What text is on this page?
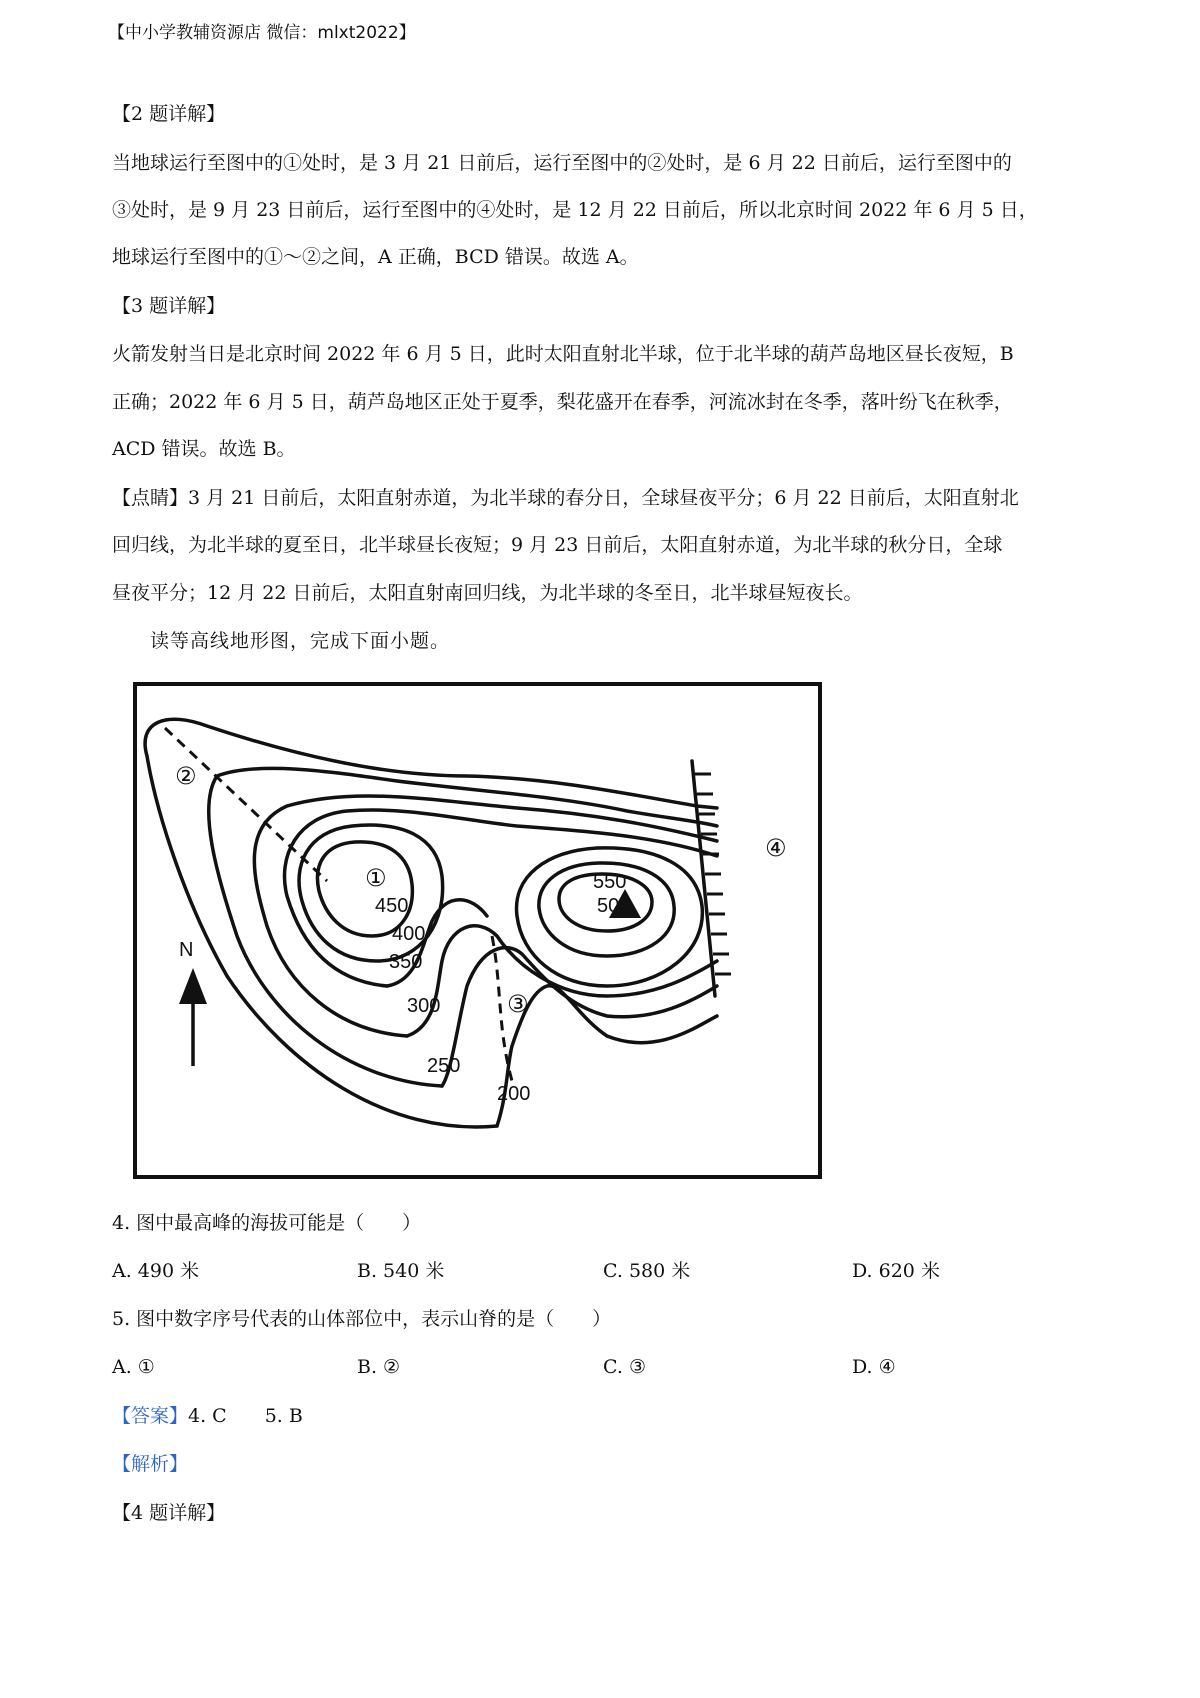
【中小学教辅资源店 微信：mlxt2022】
【2 题详解】
当地球运行至图中的①处时，是 3 月 21 日前后，运行至图中的②处时，是 6 月 22 日前后，运行至图中的
③处时，是 9 月 23 日前后，运行至图中的④处时，是 12 月 22 日前后，所以北京时间 2022 年 6 月 5 日，
地球运行至图中的①～②之间，A 正确，BCD 错误。故选 A。
【3 题详解】
火箭发射当日是北京时间 2022 年 6 月 5 日，此时太阳直射北半球，位于北半球的葫芦岛地区昼长夜短，B
正确；2022 年 6 月 5 日，葫芦岛地区正处于夏季，梨花盛开在春季，河流冰封在冬季，落叶纷飞在秋季，
ACD 错误。故选 B。
【点睛】3 月 21 日前后，太阳直射赤道，为北半球的春分日，全球昼夜平分；6 月 22 日前后，太阳直射北
回归线，为北半球的夏至日，北半球昼长夜短；9 月 23 日前后，太阳直射赤道，为北半球的秋分日，全球
昼夜平分；12 月 22 日前后，太阳直射南回归线，为北半球的冬至日，北半球昼短夜长。
读等高线地形图，完成下面小题。
N
450
400
350
300
250
200
550
500
①
②
③
④
4. 图中最高峰的海拔可能是（　　）
A. 490 米	B. 540 米	C. 580 米	D. 620 米
5. 图中数字序号代表的山体部位中，表示山脊的是（　　）
A. ①	B. ②	C. ③	D. ④
【答案】4. C　　5. B
【解析】
【4 题详解】
